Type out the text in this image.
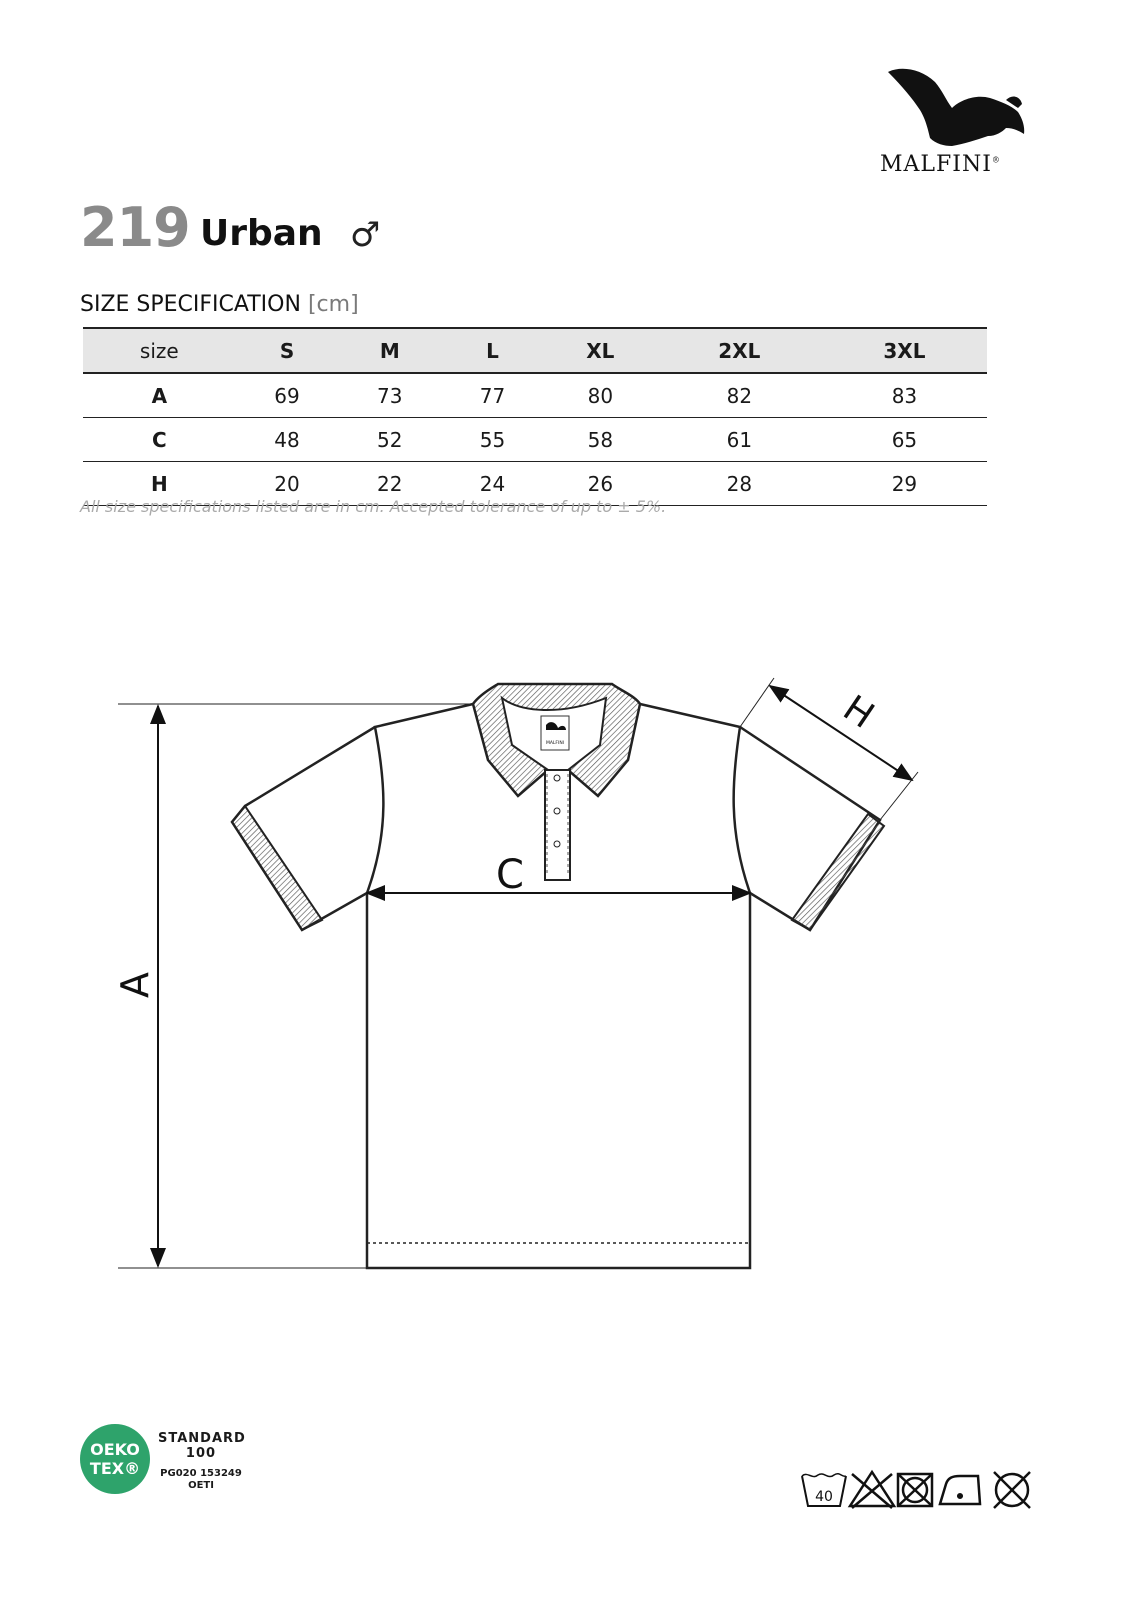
MALFINI®
219 Urban ♂
SIZE SPECIFICATION [cm]
size	S	M	L	XL	2XL	3XL
A	69	73	77	80	82	83
C	48	52	55	58	61	65
H	20	22	24	26	28	29
All size specifications listed are in cm. Accepted tolerance of up to ± 5%.
MALFINI
A
C
H
OEKO
TEX®
STANDARD
100
PG020 153249
OETI
40
